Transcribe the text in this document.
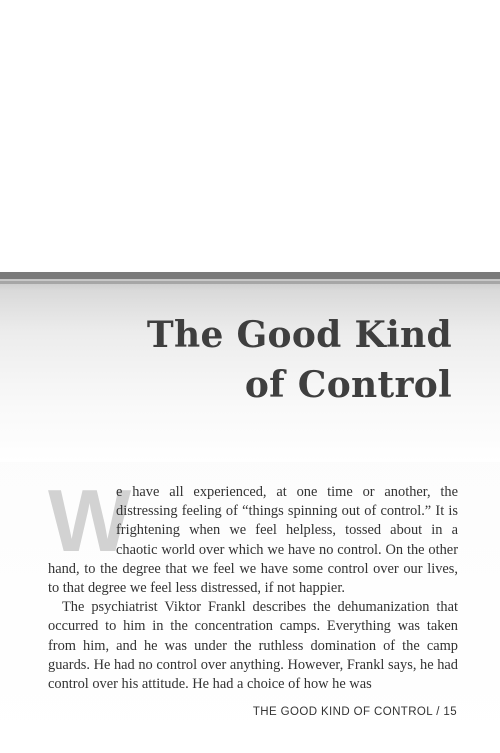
The Good Kind
of Control

W
e have all experienced, at one time or another, the distressing feeling of “things spinning out of control.” It is frightening when we feel helpless, tossed about in a chaotic world over which we have no control. On the other hand, to the degree that we feel we have some control over our lives, to that degree we feel less distressed, if not happier.

The psychiatrist Viktor Frankl describes the dehumanization that occurred to him in the concentration camps. Everything was taken from him, and he was under the ruthless domination of the camp guards. He had no control over anything. However, Frankl says, he had control over his attitude. He had a choice of how he was

THE GOOD KIND OF CONTROL / 15
